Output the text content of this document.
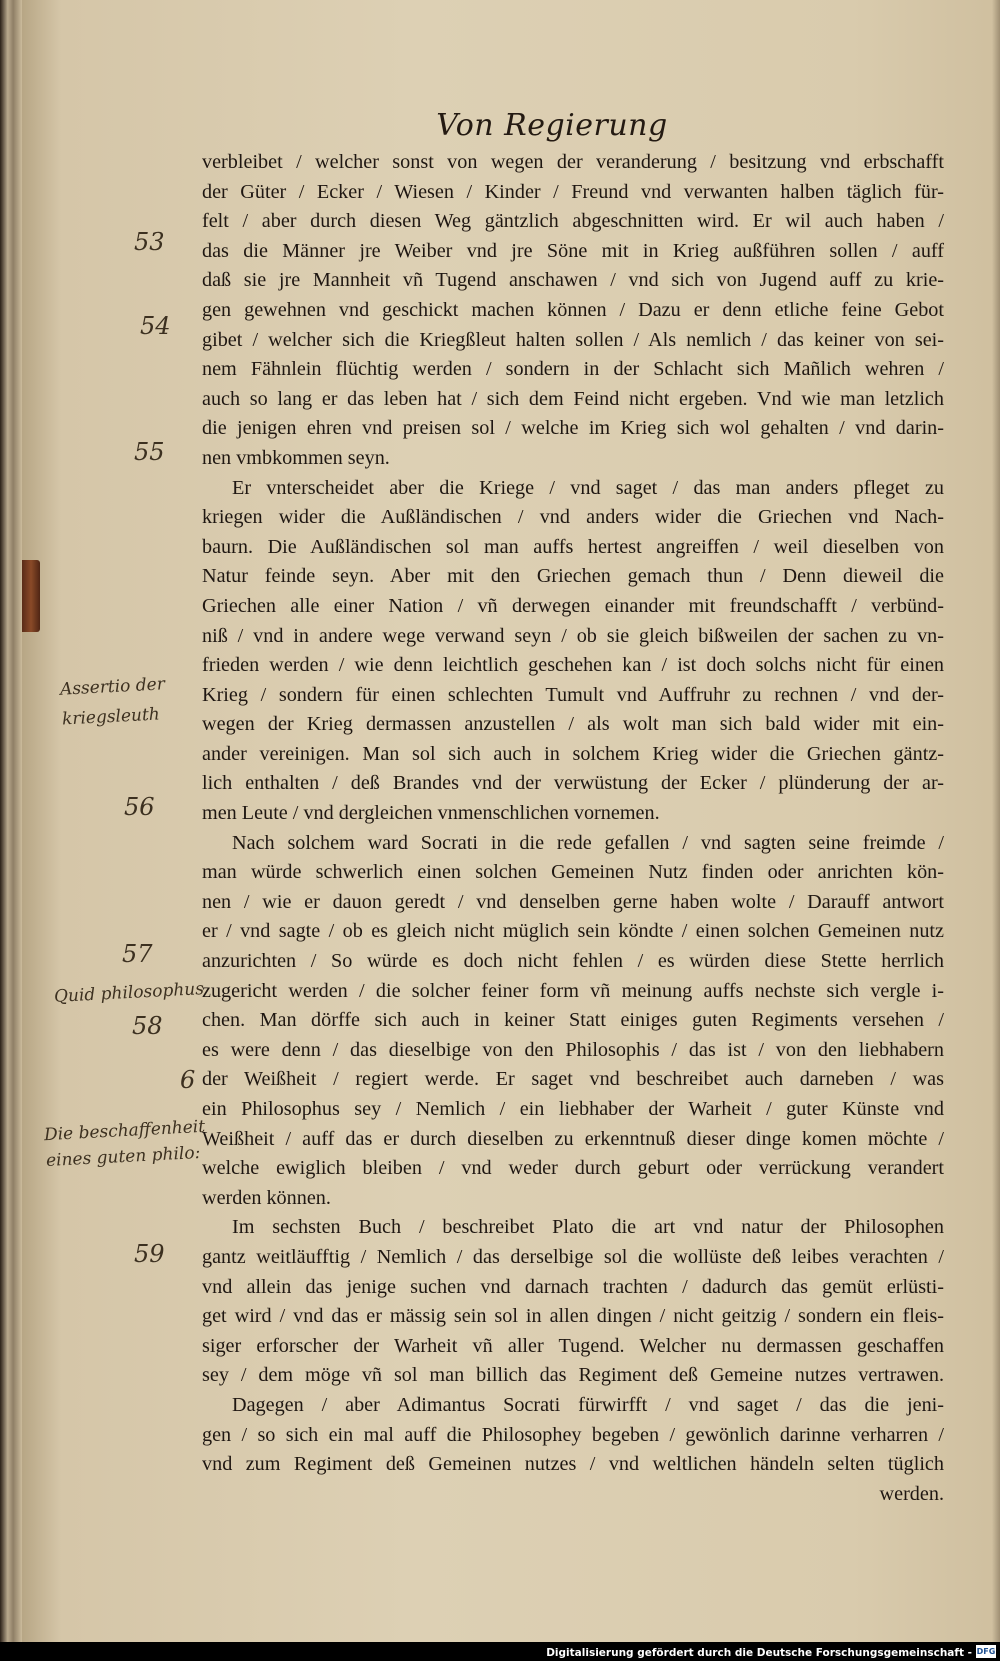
Von Regierung
verbleibet / welcher sonst von wegen der veranderung / besitzung vnd erbschafft
der Güter / Ecker / Wiesen / Kinder / Freund vnd verwanten halben täglich für-
felt / aber durch diesen Weg gäntzlich abgeschnitten wird. Er wil auch haben /
das die Männer jre Weiber vnd jre Söne mit in Krieg außführen sollen / auff
daß sie jre Mannheit vñ Tugend anschawen / vnd sich von Jugend auff zu krie-
gen gewehnen vnd geschickt machen können / Dazu er denn etliche feine Gebot
gibet / welcher sich die Kriegßleut halten sollen / Als nemlich / das keiner von sei-
nem Fähnlein flüchtig werden / sondern in der Schlacht sich Mañlich wehren /
auch so lang er das leben hat / sich dem Feind nicht ergeben. Vnd wie man letzlich
die jenigen ehren vnd preisen sol / welche im Krieg sich wol gehalten / vnd darin-
nen vmbkommen seyn.
Er vnterscheidet aber die Kriege / vnd saget / das man anders pfleget zu
kriegen wider die Außländischen / vnd anders wider die Griechen vnd Nach-
baurn. Die Außländischen sol man auffs hertest angreiffen / weil dieselben von
Natur feinde seyn. Aber mit den Griechen gemach thun / Denn dieweil die
Griechen alle einer Nation / vñ derwegen einander mit freundschafft / verbünd-
niß / vnd in andere wege verwand seyn / ob sie gleich bißweilen der sachen zu vn-
frieden werden / wie denn leichtlich geschehen kan / ist doch solchs nicht für einen
Krieg / sondern für einen schlechten Tumult vnd Auffruhr zu rechnen / vnd der-
wegen der Krieg dermassen anzustellen / als wolt man sich bald wider mit ein-
ander vereinigen. Man sol sich auch in solchem Krieg wider die Griechen gäntz-
lich enthalten / deß Brandes vnd der verwüstung der Ecker / plünderung der ar-
men Leute / vnd dergleichen vnmenschlichen vornemen.
Nach solchem ward Socrati in die rede gefallen / vnd sagten seine freimde /
man würde schwerlich einen solchen Gemeinen Nutz finden oder anrichten kön-
nen / wie er dauon geredt / vnd denselben gerne haben wolte / Darauff antwort
er / vnd sagte / ob es gleich nicht müglich sein köndte / einen solchen Gemeinen nutz
anzurichten / So würde es doch nicht fehlen / es würden diese Stette herrlich
zugericht werden / die solcher feiner form vñ meinung auffs nechste sich vergle i-
chen. Man dörffe sich auch in keiner Statt einiges guten Regiments versehen /
es were denn / das dieselbige von den Philosophis / das ist / von den liebhabern
der Weißheit / regiert werde. Er saget vnd beschreibet auch darneben / was
ein Philosophus sey / Nemlich / ein liebhaber der Warheit / guter Künste vnd
Weißheit / auff das er durch dieselben zu erkenntnuß dieser dinge komen möchte /
welche ewiglich bleiben / vnd weder durch geburt oder verrückung verandert
werden können.
Im sechsten Buch / beschreibet Plato die art vnd natur der Philosophen
gantz weitläufftig / Nemlich / das derselbige sol die wollüste deß leibes verachten /
vnd allein das jenige suchen vnd darnach trachten / dadurch das gemüt erlüsti-
get wird / vnd das er mässig sein sol in allen dingen / nicht geitzig / sondern ein fleis-
siger erforscher der Warheit vñ aller Tugend. Welcher nu dermassen geschaffen
sey / dem möge vñ sol man billich das Regiment deß Gemeine nutzes vertrawen.
Dagegen / aber Adimantus Socrati fürwirfft / vnd saget / das die jeni-
gen / so sich ein mal auff die Philosophey begeben / gewönlich darinne verharren /
vnd zum Regiment deß Gemeinen nutzes / vnd weltlichen händeln selten tüglich
werden.
53
54
55
Assertio der
kriegsleuth
56
57
Quid philosophus
58
6
Die beschaffenheit
eines guten philo:
59
Digitalisierung gefördert durch die Deutsche Forschungsgemeinschaft - DFG
